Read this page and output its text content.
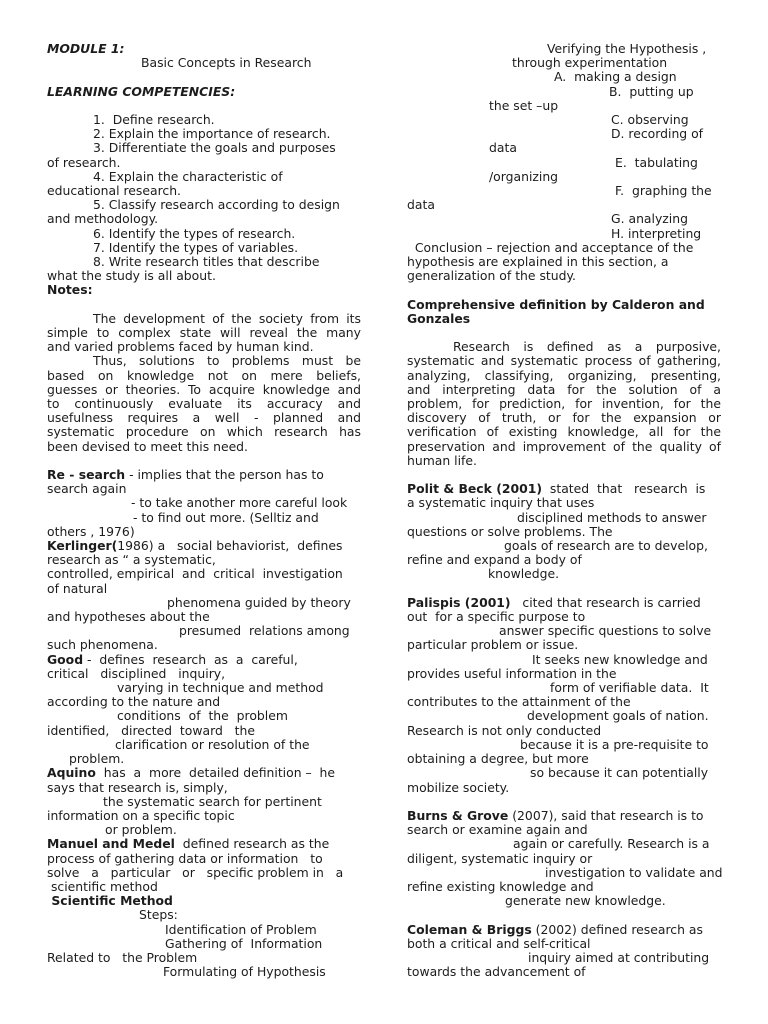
MODULE 1:

Basic Concepts in Research

LEARNING COMPETENCIES:

1.  Define research.

2. Explain the importance of research.

3. Differentiate the goals and purposes

of research.

4. Explain the characteristic of

educational research.

5. Classify research according to design

and methodology.

6. Identify the types of research.

7. Identify the types of variables.

8. Write research titles that describe

what the study is all about.

Notes:

The development of the society from its

simple to complex state will reveal the many

and varied problems faced by human kind.

Thus, solutions to problems must be

based on knowledge not on mere beliefs,

guesses or theories. To acquire knowledge and

to continuously evaluate its accuracy and

usefulness requires a well - planned and

systematic procedure on which research has

been devised to meet this need.

Re - search - implies that the person has to

search again

- to take another more careful look

- to find out more. (Selltiz and

others , 1976)

Kerlinger(1986) a   social behaviorist,  defines

research as “ a systematic,

controlled, empirical  and  critical  investigation

of natural

phenomena guided by theory

and hypotheses about the

presumed  relations among

such phenomena.

Good -  defines  research  as  a  careful,

critical   disciplined   inquiry,

varying in technique and method

according to the nature and

conditions  of  the  problem

identified,   directed  toward   the

clarification or resolution of the

problem.

Aquino  has  a  more  detailed definition –  he

says that research is, simply,

the systematic search for pertinent

information on a specific topic

or problem.

Manuel and Medel  defined research as the

process of gathering data or information   to

solve   a   particular   or   specific problem in   a

scientific method

Scientific Method

Steps:

Identification of Problem

Gathering of  Information

Related to   the Problem

Formulating of Hypothesis

Verifying the Hypothesis ,

through experimentation

A.  making a design

B.  putting up

the set –up

C. observing

D. recording of

data

E.  tabulating

/organizing

F.  graphing the

data

G. analyzing

H. interpreting

Conclusion – rejection and acceptance of the

hypothesis are explained in this section, a

generalization of the study.

Comprehensive definition by Calderon and

Gonzales

Research is defined as a purposive,

systematic and systematic process of gathering,

analyzing, classifying, organizing, presenting,

and interpreting data for the solution of a

problem, for prediction, for invention, for the

discovery of truth, or for the expansion or

verification of existing knowledge, all for the

preservation and improvement of the quality of

human life.

Polit & Beck (2001)  stated  that   research  is

a systematic inquiry that uses

disciplined methods to answer

questions or solve problems. The

goals of research are to develop,

refine and expand a body of

knowledge.

Palispis (2001)   cited that research is carried

out  for a specific purpose to

answer specific questions to solve

particular problem or issue.

It seeks new knowledge and

provides useful information in the

form of verifiable data.  It

contributes to the attainment of the

development goals of nation.

Research is not only conducted

because it is a pre-requisite to

obtaining a degree, but more

so because it can potentially

mobilize society.

Burns & Grove (2007), said that research is to

search or examine again and

again or carefully. Research is a

diligent, systematic inquiry or

investigation to validate and

refine existing knowledge and

generate new knowledge.

Coleman & Briggs (2002) defined research as

both a critical and self-critical

inquiry aimed at contributing

towards the advancement of
